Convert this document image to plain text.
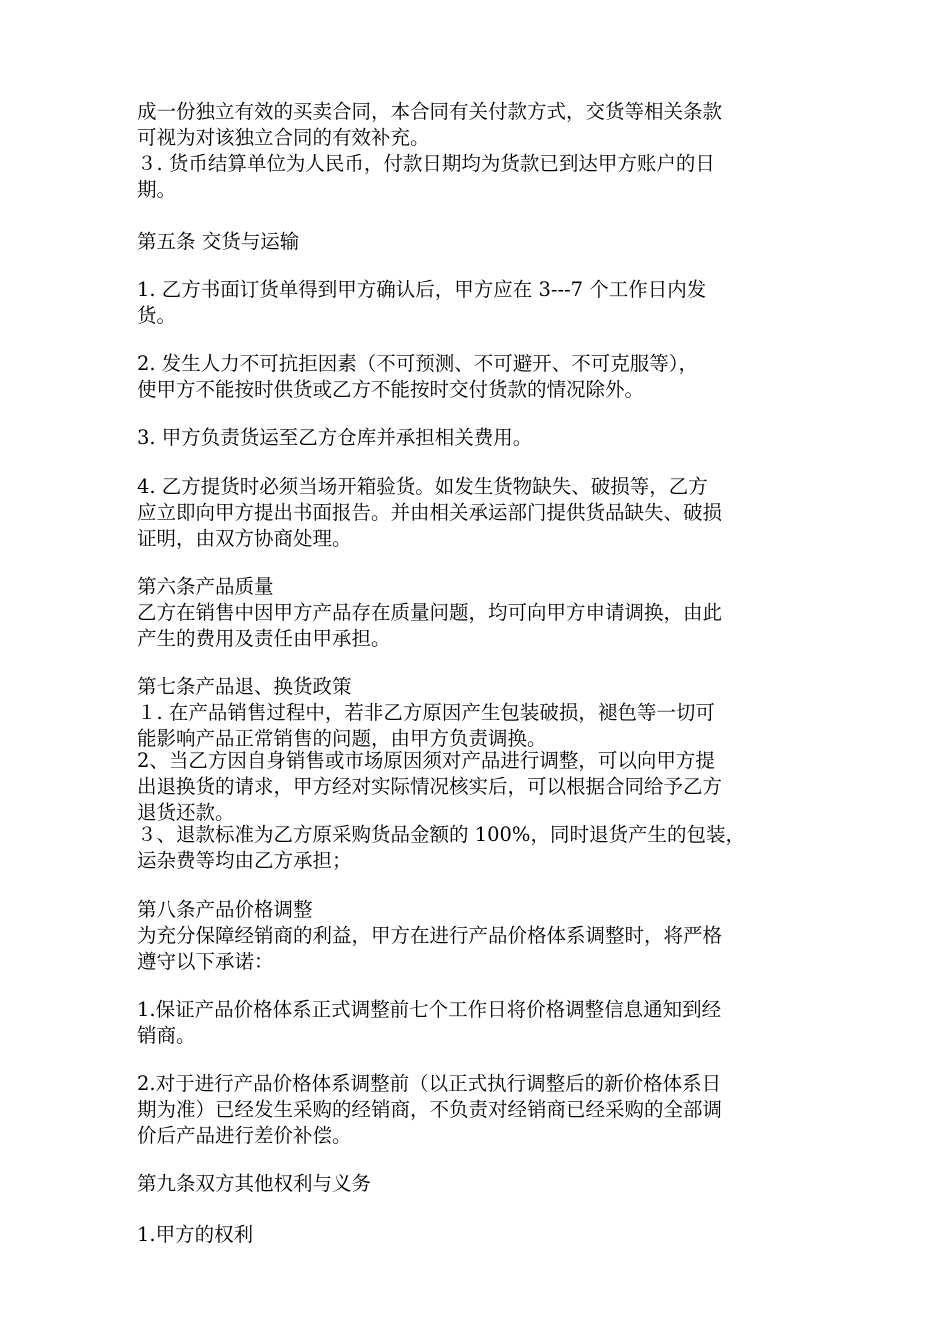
成一份独立有效的买卖合同，本合同有关付款方式，交货等相关条款
可视为对该独立合同的有效补充。
３. 货币结算单位为人民币，付款日期均为货款已到达甲方账户的日
期。
第五条 交货与运输
1. 乙方书面订货单得到甲方确认后，甲方应在 3---7 个工作日内发
货。
2. 发生人力不可抗拒因素（不可预测、不可避开、不可克服等），
使甲方不能按时供货或乙方不能按时交付货款的情况除外。
3. 甲方负责货运至乙方仓库并承担相关费用。
4. 乙方提货时必须当场开箱验货。如发生货物缺失、破损等，乙方
应立即向甲方提出书面报告。并由相关承运部门提供货品缺失、破损
证明，由双方协商处理。
第六条产品质量
乙方在销售中因甲方产品存在质量问题，均可向甲方申请调换，由此
产生的费用及责任由甲承担。
第七条产品退、换货政策
１. 在产品销售过程中，若非乙方原因产生包装破损，褪色等一切可
能影响产品正常销售的问题，由甲方负责调换。
2、当乙方因自身销售或市场原因须对产品进行调整，可以向甲方提
出退换货的请求，甲方经对实际情况核实后，可以根据合同给予乙方
退货还款。
３、退款标准为乙方原采购货品金额的 100%，同时退货产生的包装，
运杂费等均由乙方承担；
第八条产品价格调整
为充分保障经销商的利益，甲方在进行产品价格体系调整时，将严格
遵守以下承诺：
1.保证产品价格体系正式调整前七个工作日将价格调整信息通知到经
销商。
2.对于进行产品价格体系调整前（以正式执行调整后的新价格体系日
期为准）已经发生采购的经销商，不负责对经销商已经采购的全部调
价后产品进行差价补偿。
第九条双方其他权利与义务
1.甲方的权利
